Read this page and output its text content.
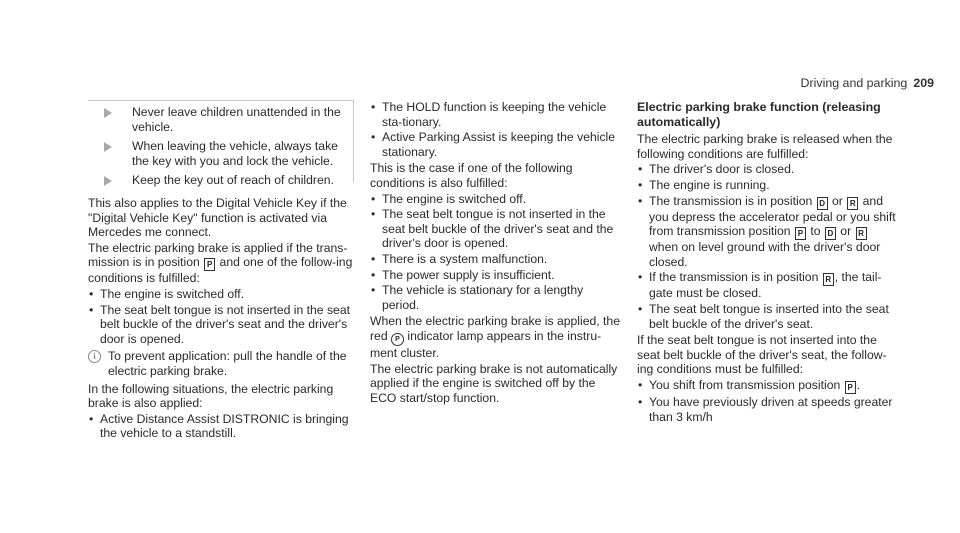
Driving and parking 209
Never leave children unattended in the vehicle.
When leaving the vehicle, always take the key with you and lock the vehicle.
Keep the key out of reach of children.

This also applies to the Digital Vehicle Key if the "Digital Vehicle Key" function is activated via Mercedes me connect.

The electric parking brake is applied if the trans-mission is in position P and one of the follow-ing conditions is fulfilled:

• The engine is switched off.
• The seat belt tongue is not inserted in the seat belt buckle of the driver's seat and the driver's door is opened.
i	To prevent application: pull the handle of the electric parking brake.

In the following situations, the electric parking brake is also applied:

• Active Distance Assist DISTRONIC is bringing the vehicle to a standstill.
• The HOLD function is keeping the vehicle sta-tionary.
• Active Parking Assist is keeping the vehicle stationary.

This is the case if one of the following conditions is also fulfilled:

• The engine is switched off.
• The seat belt tongue is not inserted in the seat belt buckle of the driver's seat and the driver's door is opened.
• There is a system malfunction.
• The power supply is insufficient.
• The vehicle is stationary for a lengthy period.

When the electric parking brake is applied, the red P indicator lamp appears in the instru-ment cluster.

The electric parking brake is not automatically applied if the engine is switched off by the ECO start/stop function.

Electric parking brake function (releasing automatically)

The electric parking brake is released when the following conditions are fulfilled:

• The driver's door is closed.
• The engine is running.
• The transmission is in position D or R and you depress the accelerator pedal or you shift from transmission position P to D or R when on level ground with the driver's door closed.
• If the transmission is in position R , the tail-gate must be closed.
• The seat belt tongue is inserted into the seat belt buckle of the driver's seat.

If the seat belt tongue is not inserted into the seat belt buckle of the driver's seat, the follow-ing conditions must be fulfilled:

• You shift from transmission position P .
• You have previously driven at speeds greater than 3 km/h
